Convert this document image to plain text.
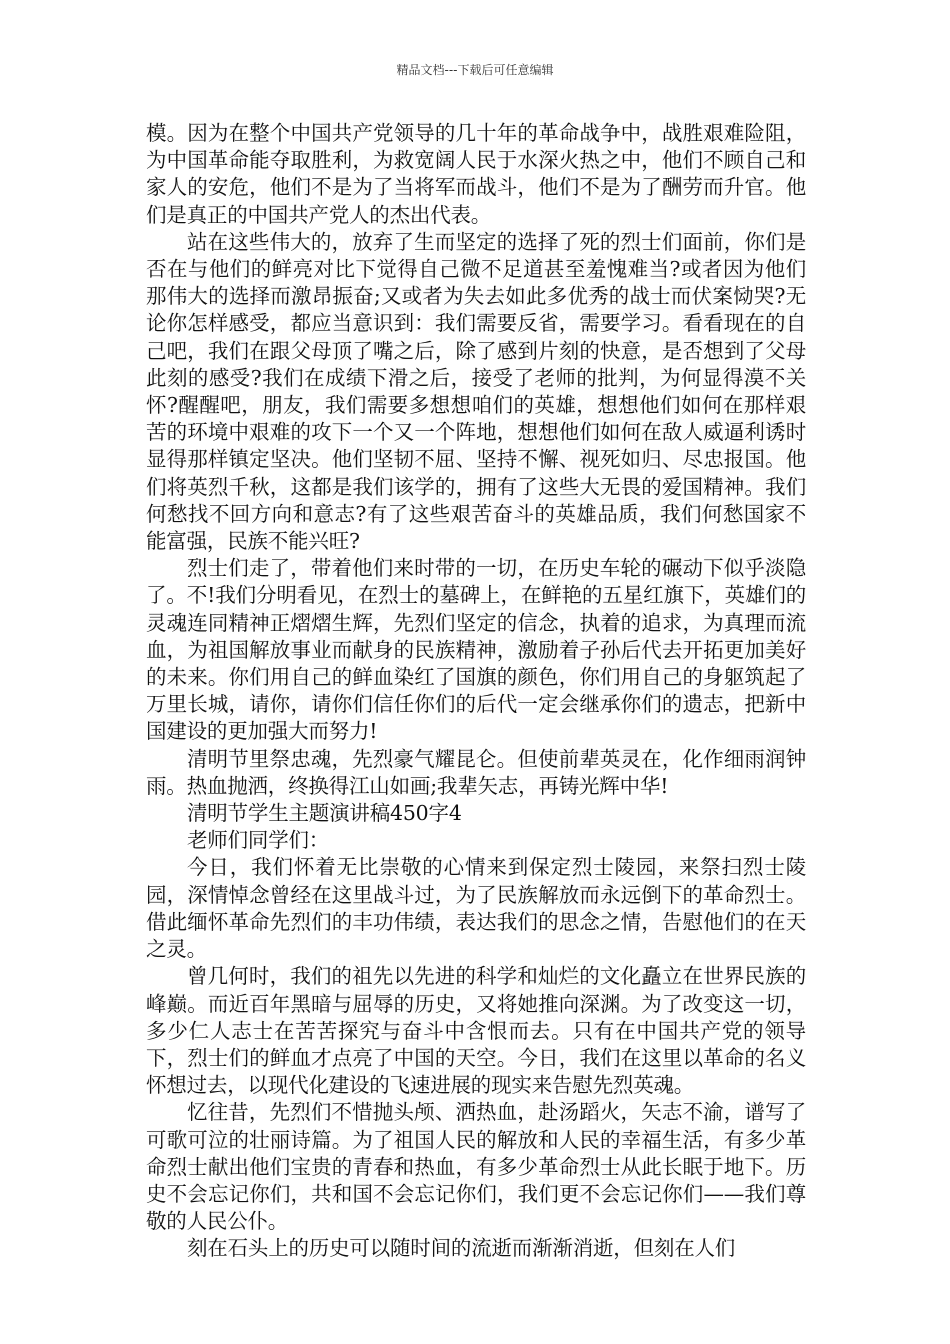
精品文档---下载后可任意编辑

模。因为在整个中国共产党领导的几十年的革命战争中，战胜艰难险阻，为中国革命能夺取胜利，为救宽阔人民于水深火热之中，他们不顾自己和家人的安危，他们不是为了当将军而战斗，他们不是为了酬劳而升官。他们是真正的中国共产党人的杰出代表。

站在这些伟大的，放弃了生而坚定的选择了死的烈士们面前，你们是否在与他们的鲜亮对比下觉得自己微不足道甚至羞愧难当?或者因为他们那伟大的选择而激昂振奋;又或者为失去如此多优秀的战士而伏案恸哭?无论你怎样感受，都应当意识到：我们需要反省，需要学习。看看现在的自己吧，我们在跟父母顶了嘴之后，除了感到片刻的快意，是否想到了父母此刻的感受?我们在成绩下滑之后，接受了老师的批判，为何显得漠不关怀?醒醒吧，朋友，我们需要多想想咱们的英雄，想想他们如何在那样艰苦的环境中艰难的攻下一个又一个阵地，想想他们如何在敌人威逼利诱时显得那样镇定坚决。他们坚韧不屈、坚持不懈、视死如归、尽忠报国。他们将英烈千秋，这都是我们该学的，拥有了这些大无畏的爱国精神。我们何愁找不回方向和意志?有了这些艰苦奋斗的英雄品质，我们何愁国家不能富强，民族不能兴旺?

烈士们走了，带着他们来时带的一切，在历史车轮的碾动下似乎淡隐了。不!我们分明看见，在烈士的墓碑上，在鲜艳的五星红旗下，英雄们的灵魂连同精神正熠熠生辉，先烈们坚定的信念，执着的追求，为真理而流血，为祖国解放事业而献身的民族精神，激励着子孙后代去开拓更加美好的未来。你们用自己的鲜血染红了国旗的颜色，你们用自己的身躯筑起了万里长城，请你，请你们信任你们的后代一定会继承你们的遗志，把新中国建设的更加强大而努力!

清明节里祭忠魂，先烈豪气耀昆仑。但使前辈英灵在，化作细雨润钟雨。热血抛洒，终换得江山如画;我辈矢志，再铸光辉中华!

清明节学生主题演讲稿450字4

老师们同学们：

今日，我们怀着无比崇敬的心情来到保定烈士陵园，来祭扫烈士陵园，深情悼念曾经在这里战斗过，为了民族解放而永远倒下的革命烈士。借此缅怀革命先烈们的丰功伟绩，表达我们的思念之情，告慰他们的在天之灵。

曾几何时，我们的祖先以先进的科学和灿烂的文化矗立在世界民族的峰巅。而近百年黑暗与屈辱的历史，又将她推向深渊。为了改变这一切，多少仁人志士在苦苦探究与奋斗中含恨而去。只有在中国共产党的领导下，烈士们的鲜血才点亮了中国的天空。今日，我们在这里以革命的名义怀想过去，以现代化建设的飞速进展的现实来告慰先烈英魂。

忆往昔，先烈们不惜抛头颅、洒热血，赴汤蹈火，矢志不渝，谱写了可歌可泣的壮丽诗篇。为了祖国人民的解放和人民的幸福生活，有多少革命烈士献出他们宝贵的青春和热血，有多少革命烈士从此长眠于地下。历史不会忘记你们，共和国不会忘记你们，我们更不会忘记你们——我们尊敬的人民公仆。

刻在石头上的历史可以随时间的流逝而渐渐消逝，但刻在人们
